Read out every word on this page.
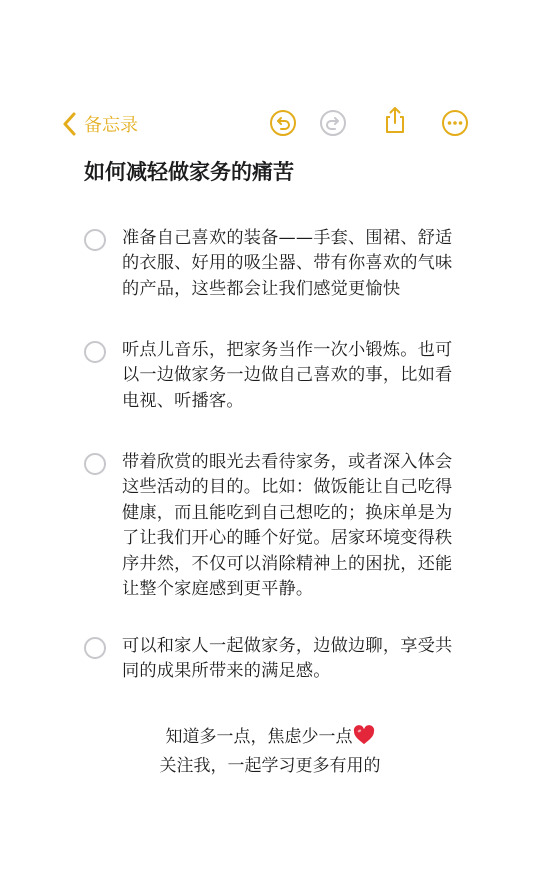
备忘录
如何减轻做家务的痛苦
准备自己喜欢的装备——手套、围裙、舒适的衣服、好用的吸尘器、带有你喜欢的气味的产品，这些都会让我们感觉更愉快
听点儿音乐，把家务当作一次小锻炼。也可以一边做家务一边做自己喜欢的事，比如看电视、听播客。
带着欣赏的眼光去看待家务，或者深入体会这些活动的目的。比如：做饭能让自己吃得健康，而且能吃到自己想吃的；换床单是为了让我们开心的睡个好觉。居家环境变得秩序井然，不仅可以消除精神上的困扰，还能让整个家庭感到更平静。
可以和家人一起做家务，边做边聊，享受共同的成果所带来的满足感。
知道多一点，焦虑少一点
关注我，一起学习更多有用的
